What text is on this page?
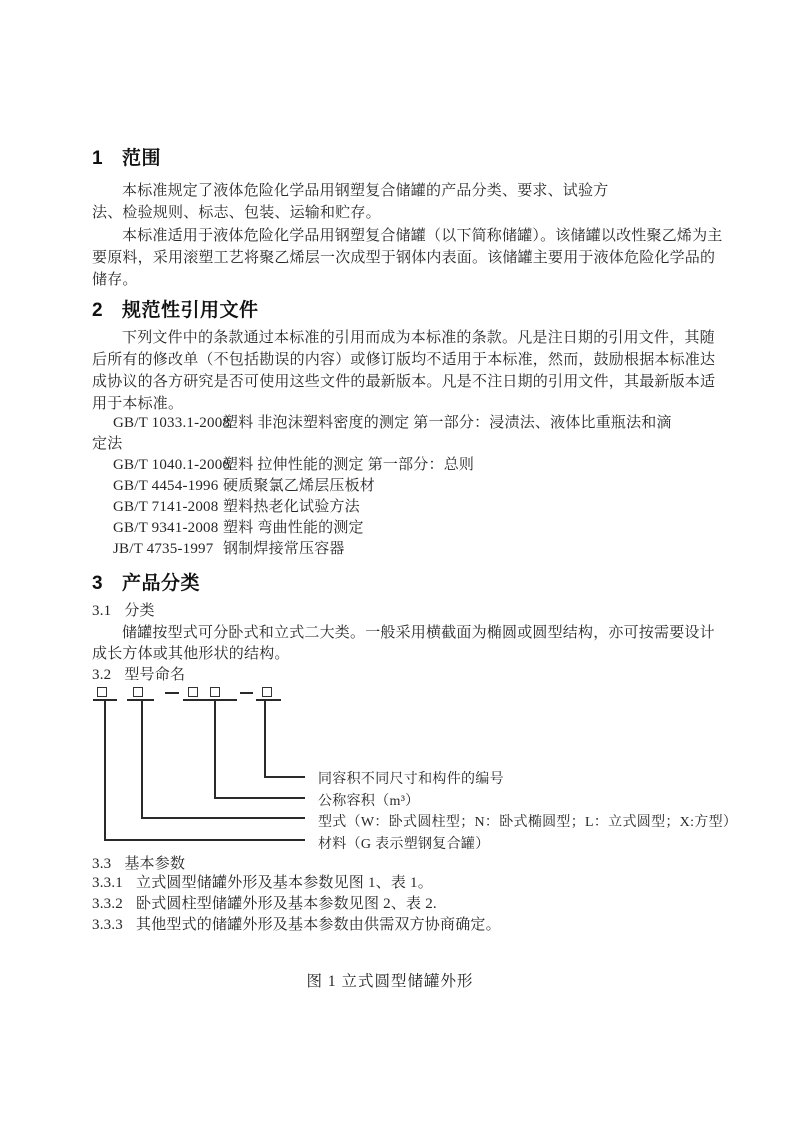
1 范围
本标准规定了液体危险化学品用钢塑复合储罐的产品分类、要求、试验方
法、检验规则、标志、包装、运输和贮存。
本标准适用于液体危险化学品用钢塑复合储罐（以下简称储罐）。该储罐以改性聚乙烯为主
要原料，采用滚塑工艺将聚乙烯层一次成型于钢体内表面。该储罐主要用于液体危险化学品的
储存。
2 规范性引用文件
下列文件中的条款通过本标准的引用而成为本标准的条款。凡是注日期的引用文件，其随
后所有的修改单（不包括勘误的内容）或修订版均不适用于本标准，然而，鼓励根据本标准达
成协议的各方研究是否可使用这些文件的最新版本。凡是不注日期的引用文件，其最新版本适
用于本标准。
GB/T 1033.1-2008塑料 非泡沫塑料密度的测定 第一部分：浸渍法、液体比重瓶法和滴
定法
GB/T 1040.1-2006塑料 拉伸性能的测定 第一部分：总则
GB/T 4454-1996 硬质聚氯乙烯层压板材
GB/T 7141-2008 塑料热老化试验方法
GB/T 9341-2008 塑料 弯曲性能的测定
JB/T 4735-1997 钢制焊接常压容器
3 产品分类
3.1 分类
储罐按型式可分卧式和立式二大类。一般采用横截面为椭圆或圆型结构，亦可按需要设计
成长方体或其他形状的结构。
3.2 型号命名
同容积不同尺寸和构件的编号
公称容积（m³）
型式（W：卧式圆柱型；N：卧式椭圆型；L：立式圆型；X:方型）
材料（G 表示塑钢复合罐）
3.3 基本参数
3.3.1 立式圆型储罐外形及基本参数见图 1、表 1。
3.3.2 卧式圆柱型储罐外形及基本参数见图 2、表 2.
3.3.3 其他型式的储罐外形及基本参数由供需双方协商确定。
图 1 立式圆型储罐外形
